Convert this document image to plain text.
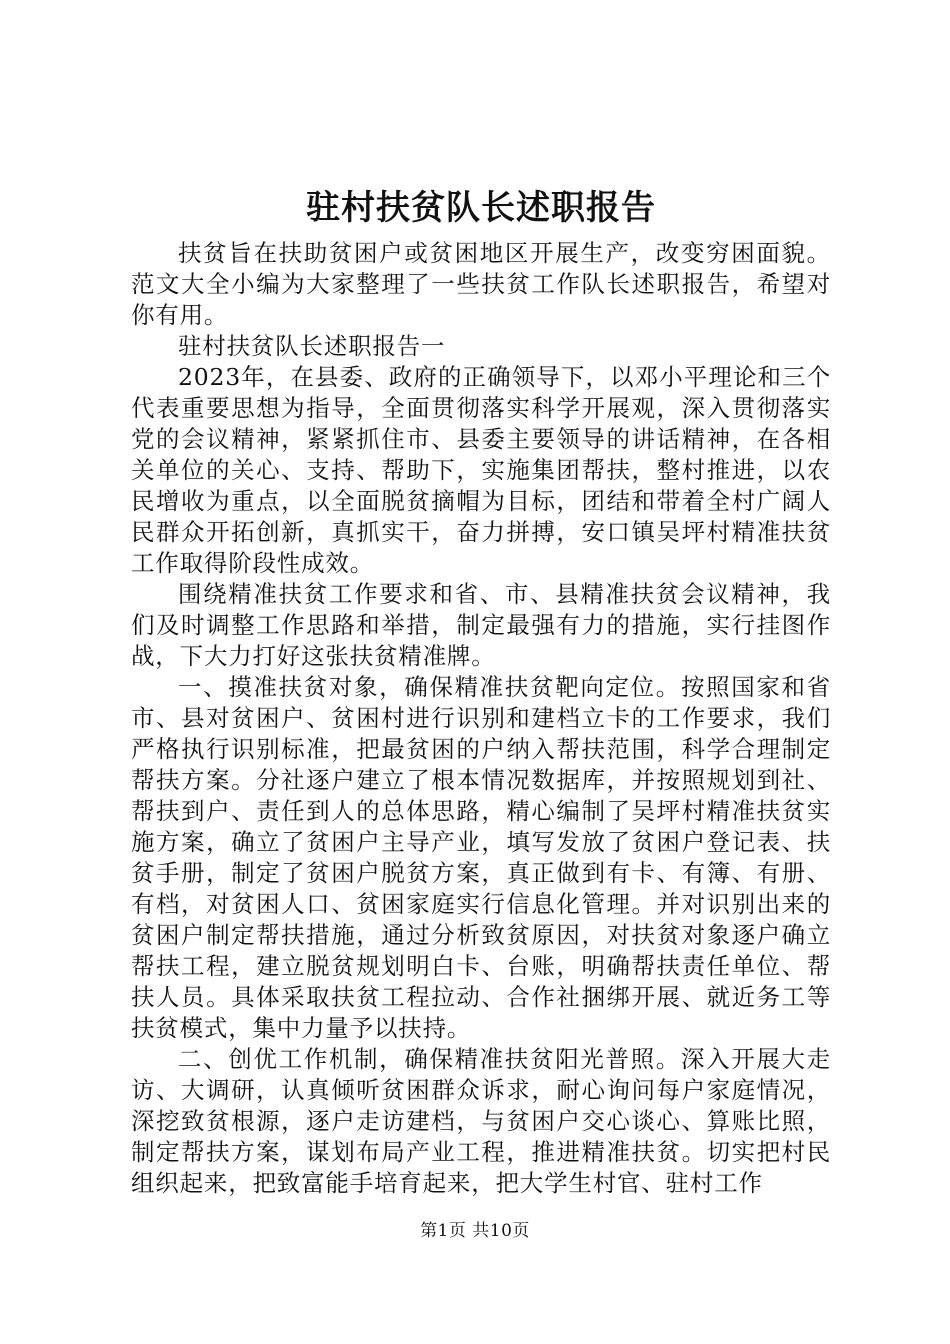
驻村扶贫队长述职报告

扶贫旨在扶助贫困户或贫困地区开展生产，改变穷困面貌。范文大全小编为大家整理了一些扶贫工作队长述职报告，希望对你有用。

驻村扶贫队长述职报告一

2023年，在县委、政府的正确领导下，以邓小平理论和三个代表重要思想为指导，全面贯彻落实科学开展观，深入贯彻落实党的会议精神，紧紧抓住市、县委主要领导的讲话精神，在各相关单位的关心、支持、帮助下，实施集团帮扶，整村推进，以农民增收为重点，以全面脱贫摘帽为目标，团结和带着全村广阔人民群众开拓创新，真抓实干，奋力拼搏，安口镇吴坪村精准扶贫工作取得阶段性成效。

围绕精准扶贫工作要求和省、市、县精准扶贫会议精神，我们及时调整工作思路和举措，制定最强有力的措施，实行挂图作战，下大力打好这张扶贫精准牌。

一、摸准扶贫对象，确保精准扶贫靶向定位。按照国家和省市、县对贫困户、贫困村进行识别和建档立卡的工作要求，我们严格执行识别标准，把最贫困的户纳入帮扶范围，科学合理制定帮扶方案。分社逐户建立了根本情况数据库，并按照规划到社、帮扶到户、责任到人的总体思路，精心编制了吴坪村精准扶贫实施方案，确立了贫困户主导产业，填写发放了贫困户登记表、扶贫手册，制定了贫困户脱贫方案，真正做到有卡、有簿、有册、有档，对贫困人口、贫困家庭实行信息化管理。并对识别出来的贫困户制定帮扶措施，通过分析致贫原因，对扶贫对象逐户确立帮扶工程，建立脱贫规划明白卡、台账，明确帮扶责任单位、帮扶人员。具体采取扶贫工程拉动、合作社捆绑开展、就近务工等扶贫模式，集中力量予以扶持。

二、创优工作机制，确保精准扶贫阳光普照。深入开展大走访、大调研，认真倾听贫困群众诉求，耐心询问每户家庭情况，深挖致贫根源，逐户走访建档，与贫困户交心谈心、算账比照，制定帮扶方案，谋划布局产业工程，推进精准扶贫。切实把村民组织起来，把致富能手培育起来，把大学生村官、驻村工作

第1页 共10页
